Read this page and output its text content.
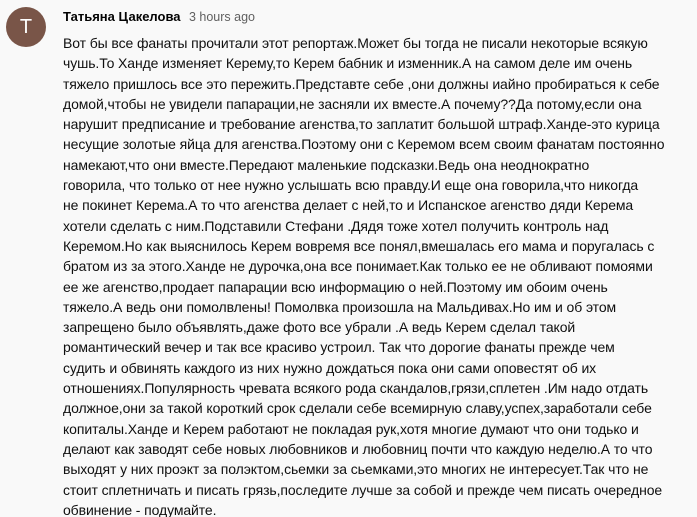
T	Татьяна Цакелова 3 hours ago
Вот бы все фанаты прочитали этот репортаж.Может бы тогда не писали некоторые всякую
чушь.То Ханде изменяет Керему,то Керем бабник и изменник.А на самом деле им очень
тяжело пришлось все это пережить.Представте себе ,они должны иайно пробираться к себе
домой,чтобы не увидели папарации,не засняли их вместе.А почему??Да потому,если она
нарушит предписание и требование агенства,то заплатит большой штраф.Ханде-это курица
несущие золотые яйца для агенства.Поэтому они с Керемом всем своим фанатам постоянно
намекают,что они вместе.Передают маленькие подсказки.Ведь она неоднократно
говорила, что только от нее нужно услышать всю правду.И еще она говорила,что никогда
не покинет Керема.А то что агенства делает с ней,то и Испанское агенство дяди Керема
хотели сделать с ним.Подставили Стефани .Дядя тоже хотел получить контроль над
Керемом.Но как выяснилось Керем вовремя все понял,вмешалась его мама и поругалась с
братом из за этого.Ханде не дурочка,она все понимает.Как только ее не обливают помоями
ее же агенство,продает папарации всю информацию о ней.Поэтому им обоим очень
тяжело.А ведь они помолвлены! Помолвка произошла на Мальдивах.Но им и об этом
запрещено было объявлять,даже фото все убрали .А ведь Керем сделал такой
романтический вечер и так все красиво устроил. Так что дорогие фанаты прежде чем
судить и обвинять каждого из них нужно дождаться пока они сами оповестят об их
отношениях.Популярность чревата всякого рода скандалов,грязи,сплетен .Им надо отдать
должное,они за такой короткий срок сделали себе всемирную славу,успех,заработали себе
копиталы.Ханде и Керем работают не покладая рук,хотя многие думают что они тодько и
делают как заводят себе новых любовников и любовниц почти что каждую неделю.А то что
выходят у них проэкт за полэктом,сьемки за сьемками,это многих не интересует.Так что не
стоит сплетничать и писать грязь,последите лучше за собой и прежде чем писать очередное
обвинение - подумайте.
